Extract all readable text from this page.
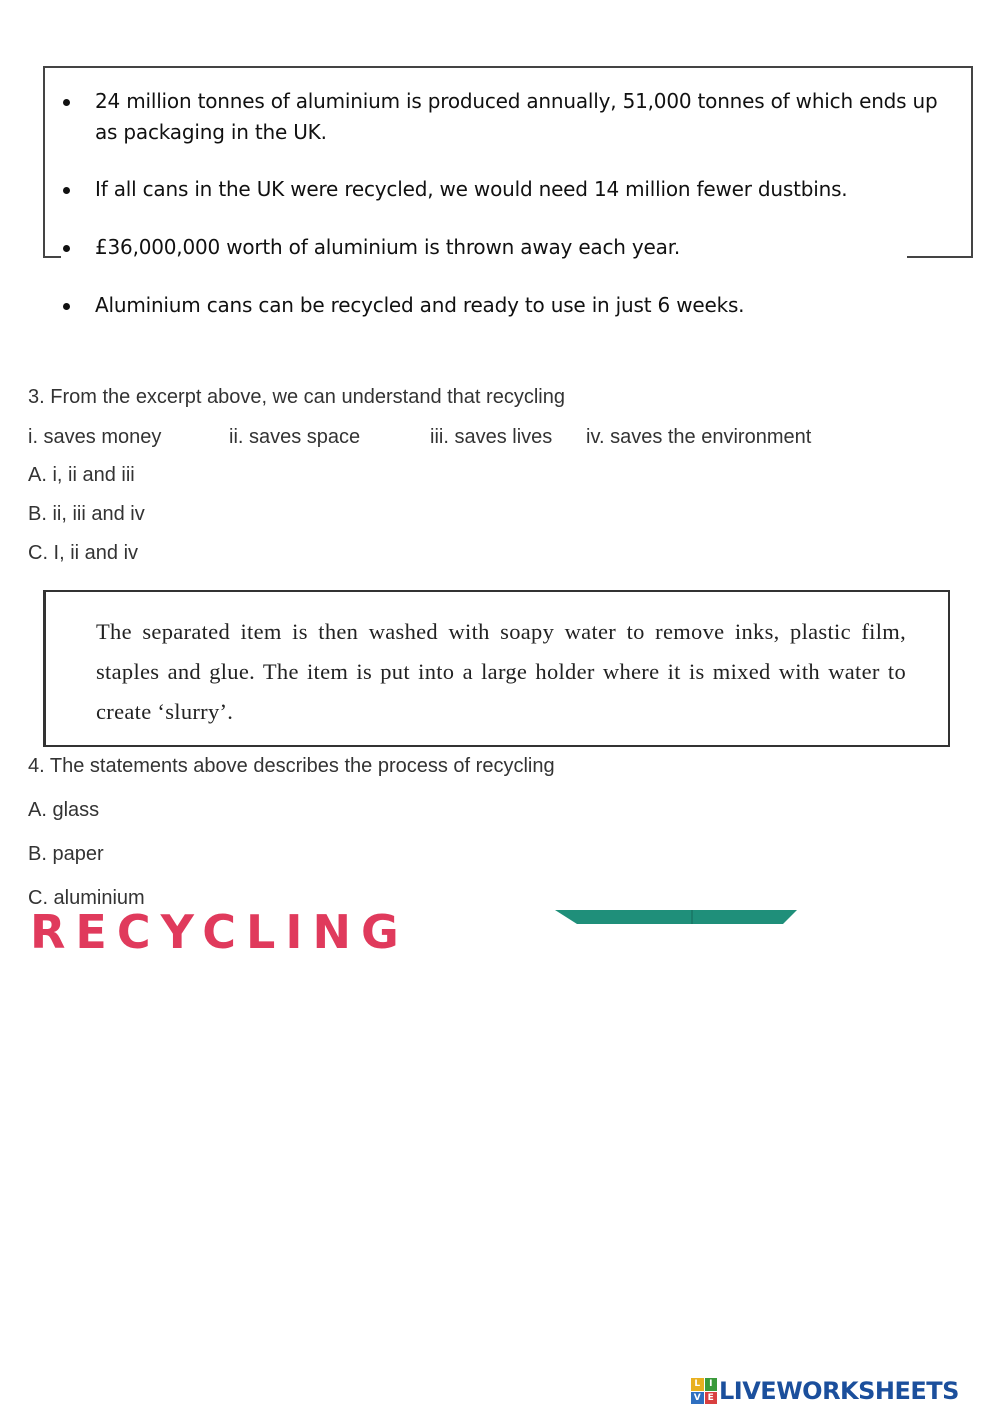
24 million tonnes of aluminium is produced annually, 51,000 tonnes of which ends up as packaging in the UK.
If all cans in the UK were recycled, we would need 14 million fewer dustbins.
£36,000,000 worth of aluminium is thrown away each year.
Aluminium cans can be recycled and ready to use in just 6 weeks.
3. From the excerpt above, we can understand that recycling
i. saves money	ii. saves space	iii. saves lives iv. saves the environment
A. i, ii and iii
B. ii, iii and iv
C. I, ii and iv
The separated item is then washed with soapy water to remove inks, plastic film, staples and glue. The item is put into a large holder where it is mixed with water to create ‘slurry’.
4. The statements above describes the process of recycling
A. glass
B. paper
RECYCLING
C. aluminium
L I
V E LIVEWORKSHEETS
